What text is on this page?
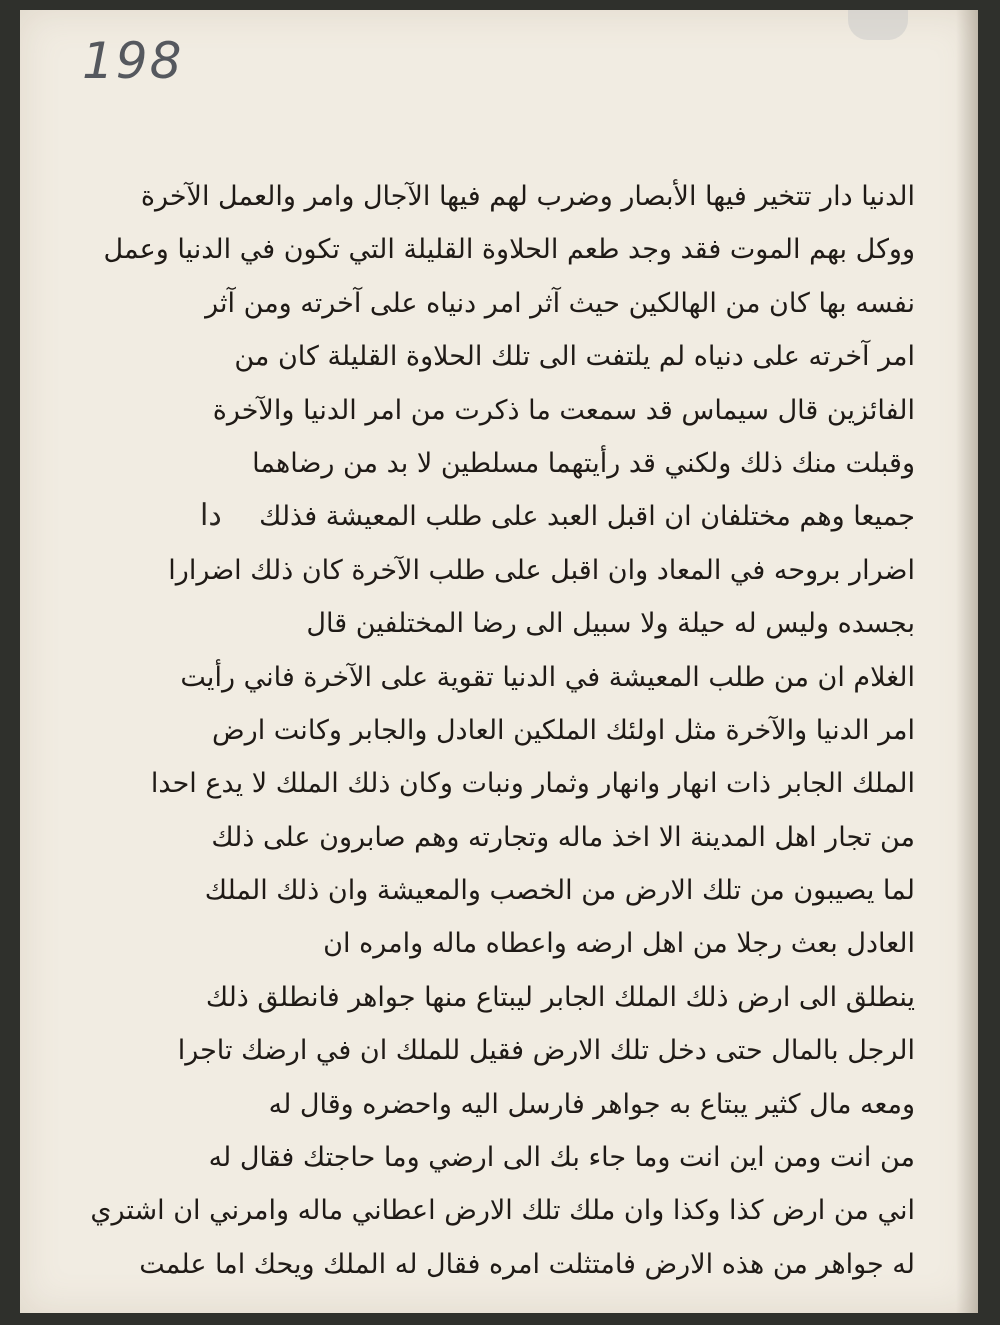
198
دا
الدنيا دار تتخير فيها الأبصار وضرب لهم فيها الآجال وامر والعمل الآخرة
ووكل بهم الموت فقد وجد طعم الحلاوة القليلة التي تكون في الدنيا وعمل
نفسه بها كان من الهالكين حيث آثر امر دنياه على آخرته ومن آثر
امر آخرته على دنياه لم يلتفت الى تلك الحلاوة القليلة كان من
الفائزين قال سيماس قد سمعت ما ذكرت من امر الدنيا والآخرة
وقبلت منك ذلك ولكني قد رأيتهما مسلطين لا بد من رضاهما
جميعا وهم مختلفان ان اقبل العبد على طلب المعيشة فذلك
اضرار بروحه في المعاد وان اقبل على طلب الآخرة كان ذلك اضرارا
بجسده وليس له حيلة ولا سبيل الى رضا المختلفين قال
الغلام ان من طلب المعيشة في الدنيا تقوية على الآخرة فاني رأيت
امر الدنيا والآخرة مثل اولئك الملكين العادل والجابر وكانت ارض
الملك الجابر ذات انهار وانهار وثمار ونبات وكان ذلك الملك لا يدع احدا
من تجار اهل المدينة الا اخذ ماله وتجارته وهم صابرون على ذلك
لما يصيبون من تلك الارض من الخصب والمعيشة وان ذلك الملك
العادل بعث رجلا من اهل ارضه واعطاه ماله وامره ان
ينطلق الى ارض ذلك الملك الجابر ليبتاع منها جواهر فانطلق ذلك
الرجل بالمال حتى دخل تلك الارض فقيل للملك ان في ارضك تاجرا
ومعه مال كثير يبتاع به جواهر فارسل اليه واحضره وقال له
من انت ومن اين انت وما جاء بك الى ارضي وما حاجتك فقال له
اني من ارض كذا وكذا وان ملك تلك الارض اعطاني ماله وامرني ان اشتري
له جواهر من هذه الارض فامتثلت امره فقال له الملك ويحك اما علمت
